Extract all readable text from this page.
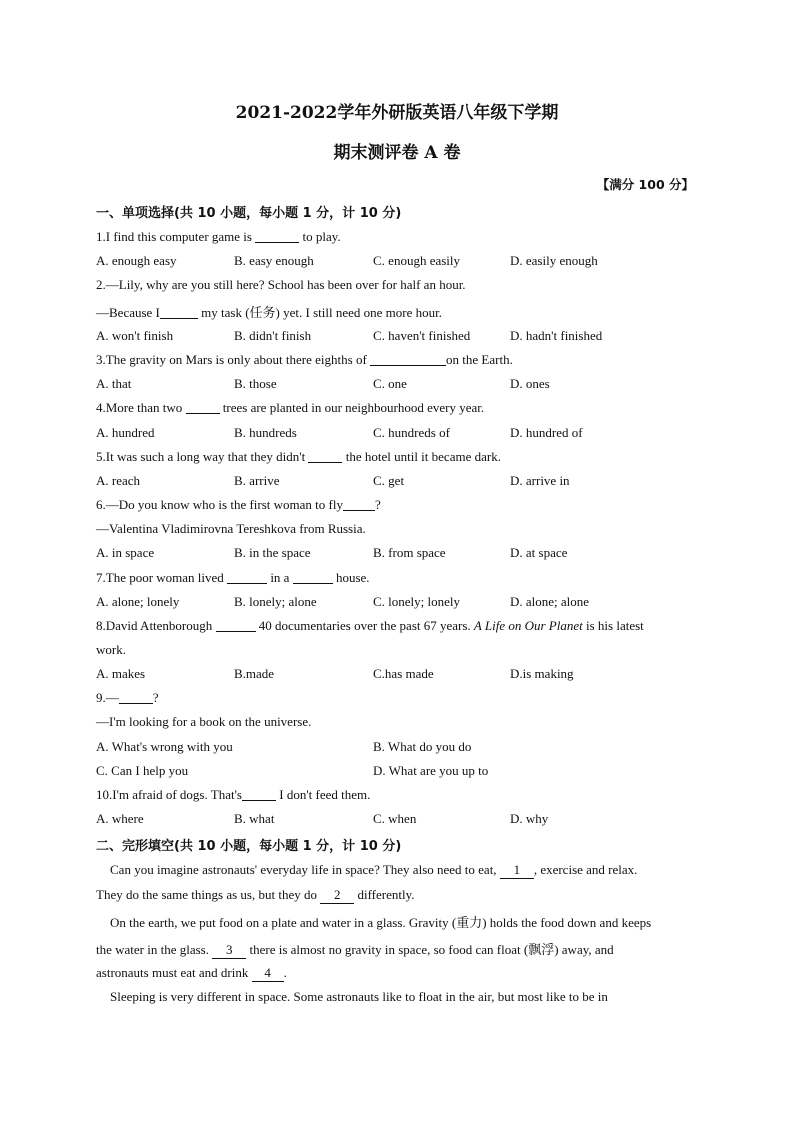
2021-2022学年外研版英语八年级下学期
期末测评卷 A 卷
【满分 100 分】
一、单项选择(共 10 小题，每小题 1 分，计 10 分)
1.I find this computer game is	to play.
A. enough easy	B. easy enough	C. enough easily	D. easily enough
2.—Lily, why are you still here? School has been over for half an hour.
—Because I	my task (任务) yet. I still need one more hour.
A. won't finish	B. didn't finish	C. haven't finished	D. hadn't finished
3.The gravity on Mars is only about there eighths of	on the Earth.
A. that	B. those	C. one	D. ones
4.More than two	trees are planted in our neighbourhood every year.
A. hundred	B. hundreds	C. hundreds of	D. hundred of
5.It was such a long way that they didn't	the hotel until it became dark.
A. reach	B. arrive	C. get	D. arrive in
6.—Do you know who is the first woman to fly ?
—Valentina Vladimirovna Tereshkova from Russia.
A. in space	B. in the space	B. from space	D. at space
7.The poor woman lived	in a	house.
A. alone; lonely	B. lonely; alone	C. lonely; lonely	D. alone; alone
8.David Attenborough	40 documentaries over the past 67 years. A Life on Our Planet is his latest
work.
A. makes	B.made	C.has made	D.is making
9.—	?
—I'm looking for a book on the universe.
A. What's wrong with you	B. What do you do
C. Can I help you	D. What are you up to
10.I'm afraid of dogs. That's	I don't feed them.
A. where	B. what	C. when	D. why
二、完形填空(共 10 小题，每小题 1 分，计 10 分)
Can you imagine astronauts' everyday life in space? They also need to eat, 1 , exercise and relax.
They do the same things as us, but they do 2 differently.
On the earth, we put food on a plate and water in a glass. Gravity (重力) holds the food down and keeps
the water in the glass. 3 there is almost no gravity in space, so food can float (飘浮) away, and
astronauts must eat and drink 4 .
Sleeping is very different in space. Some astronauts like to float in the air, but most like to be in
